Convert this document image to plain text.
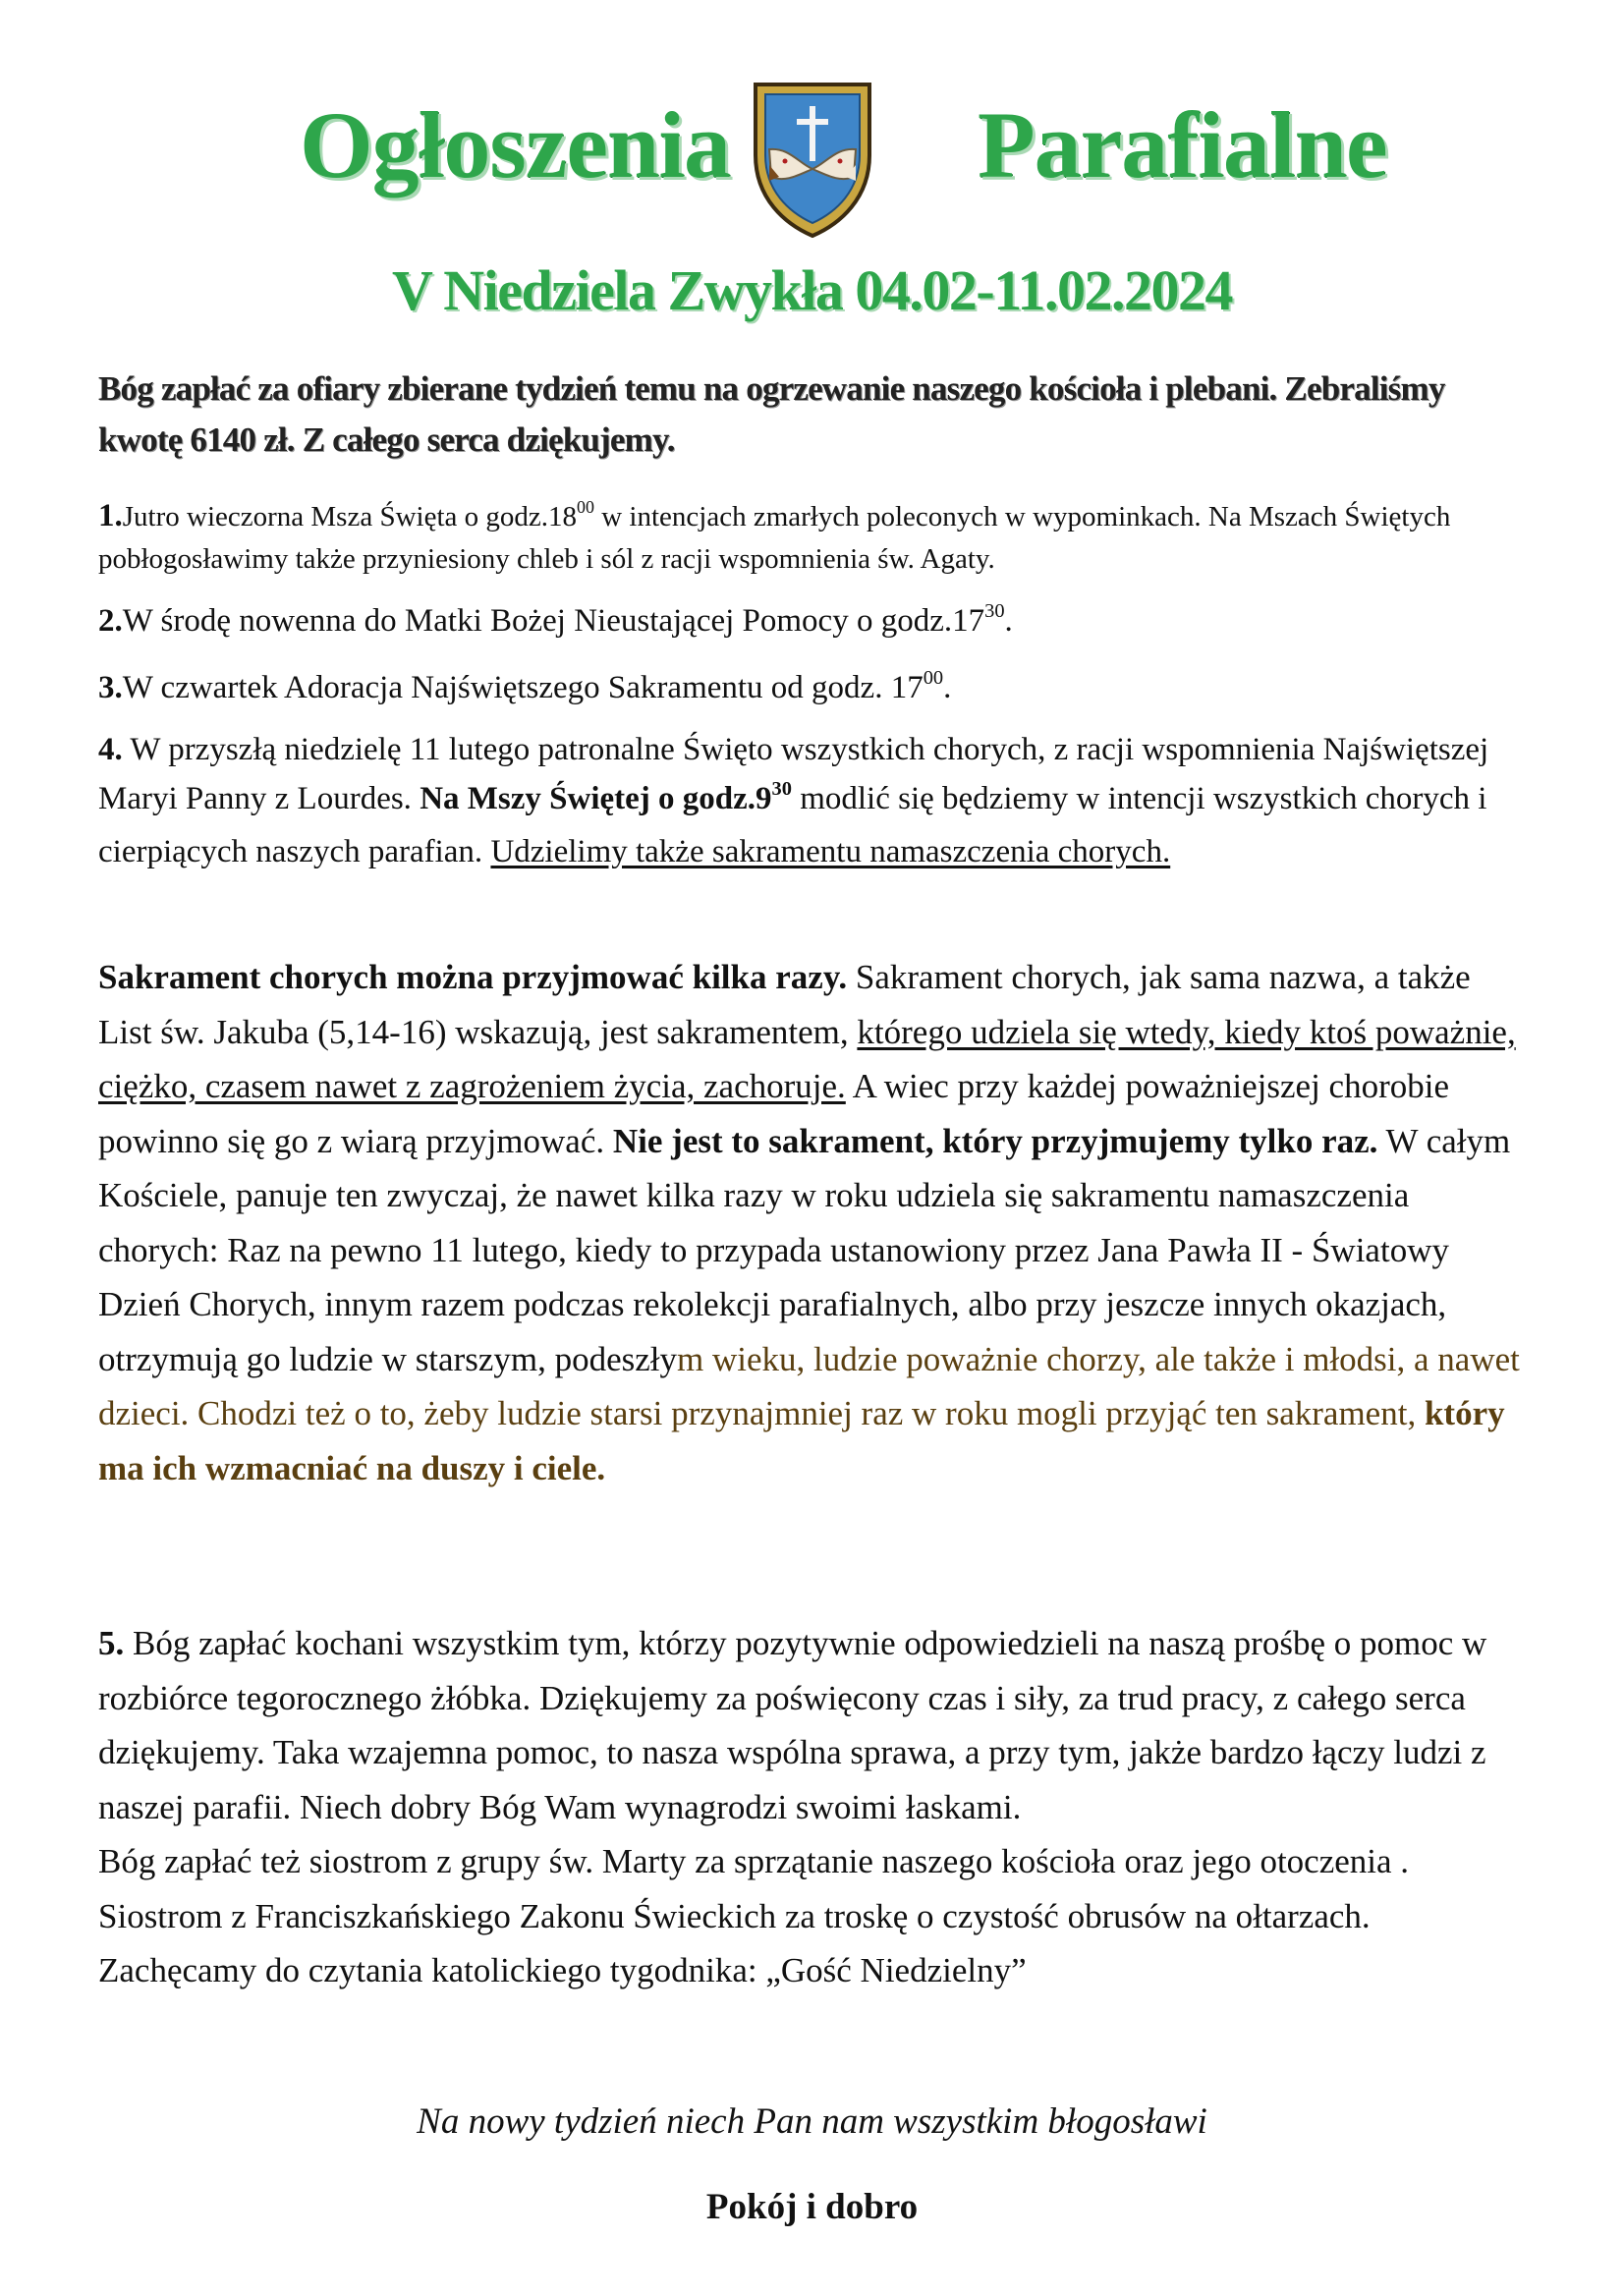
Ogłoszenia	Parafialne
V Niedziela Zwykła 04.02-11.02.2024
Bóg zapłać za ofiary zbierane tydzień temu na ogrzewanie naszego kościoła i plebani. Zebraliśmy kwotę 6140 zł. Z całego serca dziękujemy.
1.Jutro wieczorna Msza Święta o $godz.18^{00}$ w intencjach zmarłych poleconych w wypominkach. Na Mszach Świętych pobłogosławimy także przyniesiony chleb i sól z racji wspomnienia św. Agaty.
2.W środę nowenna do Matki Bożej Nieustającej Pomocy o $godz.17^{30}$.
3.W czwartek Adoracja Najświętszego Sakramentu od godz. $17^{00}$.
4. W przyszłą niedzielę 11 lutego patronalne Święto wszystkich chorych, z racji wspomnienia Najświętszej Maryi Panny z Lourdes. Na Mszy Świętej o $godz.9^{30}$ modlić się będziemy w intencji wszystkich chorych i cierpiących naszych parafian. Udzielimy także sakramentu namaszczenia chorych.
Sakrament chorych można przyjmować kilka razy. Sakrament chorych, jak sama nazwa, a także List św. Jakuba (5,14-16) wskazują, jest sakramentem, którego udziela się wtedy, kiedy ktoś poważnie, ciężko, czasem nawet z zagrożeniem życia, zachoruje. A wiec przy każdej poważniejszej chorobie powinno się go z wiarą przyjmować. Nie jest to sakrament, który przyjmujemy tylko raz. W całym Kościele, panuje ten zwyczaj, że nawet kilka razy w roku udziela się sakramentu namaszczenia chorych: Raz na pewno 11 lutego, kiedy to przypada ustanowiony przez Jana Pawła II - Światowy Dzień Chorych, innym razem podczas rekolekcji parafialnych, albo przy jeszcze innych okazjach, otrzymują go ludzie w starszym, podeszłym wieku, ludzie poważnie chorzy, ale także i młodsi, a nawet dzieci. Chodzi też o to, żeby ludzie starsi przynajmniej raz w roku mogli przyjąć ten sakrament, który ma ich wzmacniać na duszy i ciele.
5. Bóg zapłać kochani wszystkim tym, którzy pozytywnie odpowiedzieli na naszą prośbę o pomoc w rozbiórce tegorocznego żłóbka. Dziękujemy za poświęcony czas i siły, za trud pracy, z całego serca dziękujemy. Taka wzajemna pomoc, to nasza wspólna sprawa, a przy tym, jakże bardzo łączy ludzi z naszej parafii. Niech dobry Bóg Wam wynagrodzi swoimi łaskami.
Bóg zapłać też siostrom z grupy św. Marty za sprzątanie naszego kościoła oraz jego otoczenia . Siostrom z Franciszkańskiego Zakonu Świeckich za troskę o czystość obrusów na ołtarzach.
Zachęcamy do czytania katolickiego tygodnika: „Gość Niedzielny”
Na nowy tydzień niech Pan nam wszystkim błogosławi
Pokój i dobro
